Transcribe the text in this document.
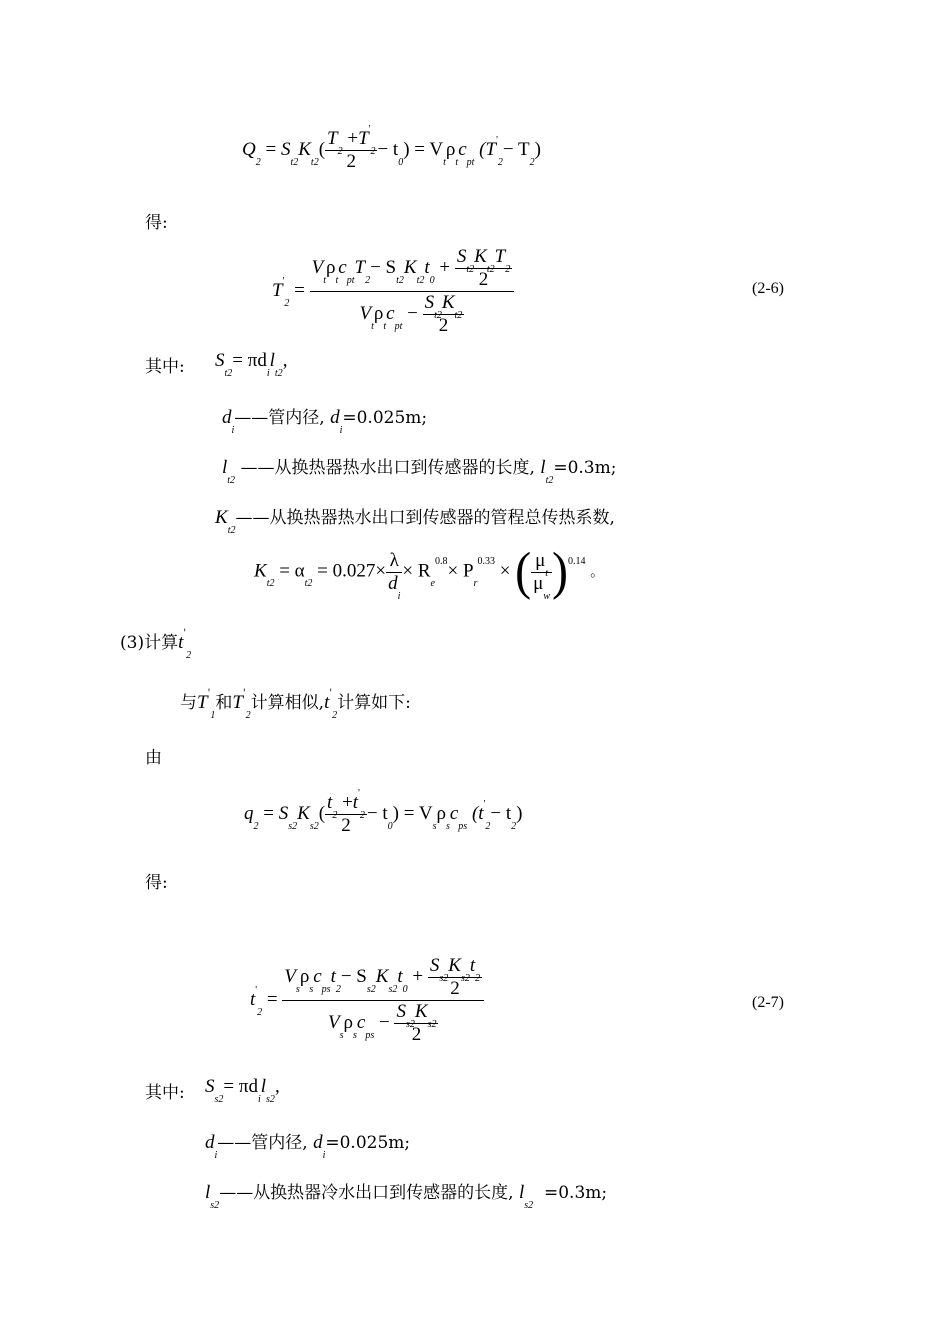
$Q_2 = S_{t2}K_{t2}( \frac{T_2 +T'_2}{2} - t_0) = V_t\rho_tc_{pt}$ $(T'_2- T_2)$
得:
$T'_2 = \frac{V_t\rho_tc_{pt}T_2- S_{t2}K_{t2}t_0 + \frac{S_{t2}K_{t2}T_2}{2}}{V_t\rho_tc_{pt} - \frac{S_{t2}K_{t2}}{2}}$	(2-6)
其中: $S_{t2}= \pi d_il_{t2}$,
$d_i——$管内径, $d_i=0.025m$;
$l_{t2}$ ——从换热器热水出口到传感器的长度, $l_{t2}=0.3m$;
$K_{t2}——$从换热器热水出口到传感器的管程总传热系数,
$K_{t2} = \alpha_{t2} = 0.027\times \frac{\lambda}{d_i} \times R_e^{0.8}\times P_r^{0.33}$ × ( $\frac{\mu_t}{\mu_w} )^{0.14}$ 。
(3)计算$t'_2$
与$T'_1$和$T'_2$计算相似$,t'_2$计算如下:
由
$q_2 = S_{s2}K_{s2}( \frac{t_2 +t'_2}{2} - t_0) = V_s\rho_sc_{ps}$ $(t'_2- t_2)$
得:
$t'_2 = \frac{V_s\rho_sc_{ps}t_2- S_{s2}K_{s2}t_0 + \frac{S_{s2}K_{s2}t_2}{2}}{V_s\rho_sc_{ps} - \frac{S_{s2}K_{s2}}{2}}$	(2-7)
其中: $S_{s2}= \pi d_il_{s2}$,
$d_i——$管内径, $d_i=0.025m$;
$l_{s2}——$从换热器冷水出口到传感器的长度, $l_{s2} =0.3m$;
